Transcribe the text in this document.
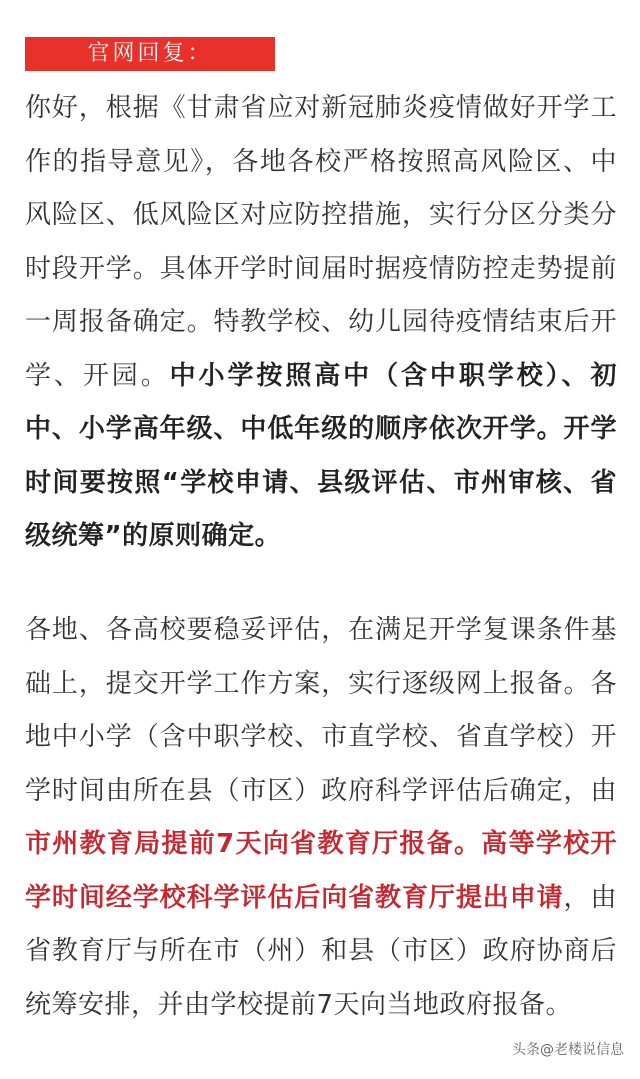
官网回复：

你好，根据《甘肃省应对新冠肺炎疫情做好开学工作的指导意见》，各地各校严格按照高风险区、中风险区、低风险区对应防控措施，实行分区分类分时段开学。具体开学时间届时据疫情防控走势提前一周报备确定。特教学校、幼儿园待疫情结束后开学、开园。中小学按照高中（含中职学校）、初中、小学高年级、中低年级的顺序依次开学。开学时间要按照“学校申请、县级评估、市州审核、省级统筹”的原则确定。

各地、各高校要稳妥评估，在满足开学复课条件基础上，提交开学工作方案，实行逐级网上报备。各地中小学（含中职学校、市直学校、省直学校）开学时间由所在县（市区）政府科学评估后确定，由市州教育局提前7天向省教育厅报备。高等学校开学时间经学校科学评估后向省教育厅提出申请，由省教育厅与所在市（州）和县（市区）政府协商后统筹安排，并由学校提前7天向当地政府报备。

头条@老楼说信息
